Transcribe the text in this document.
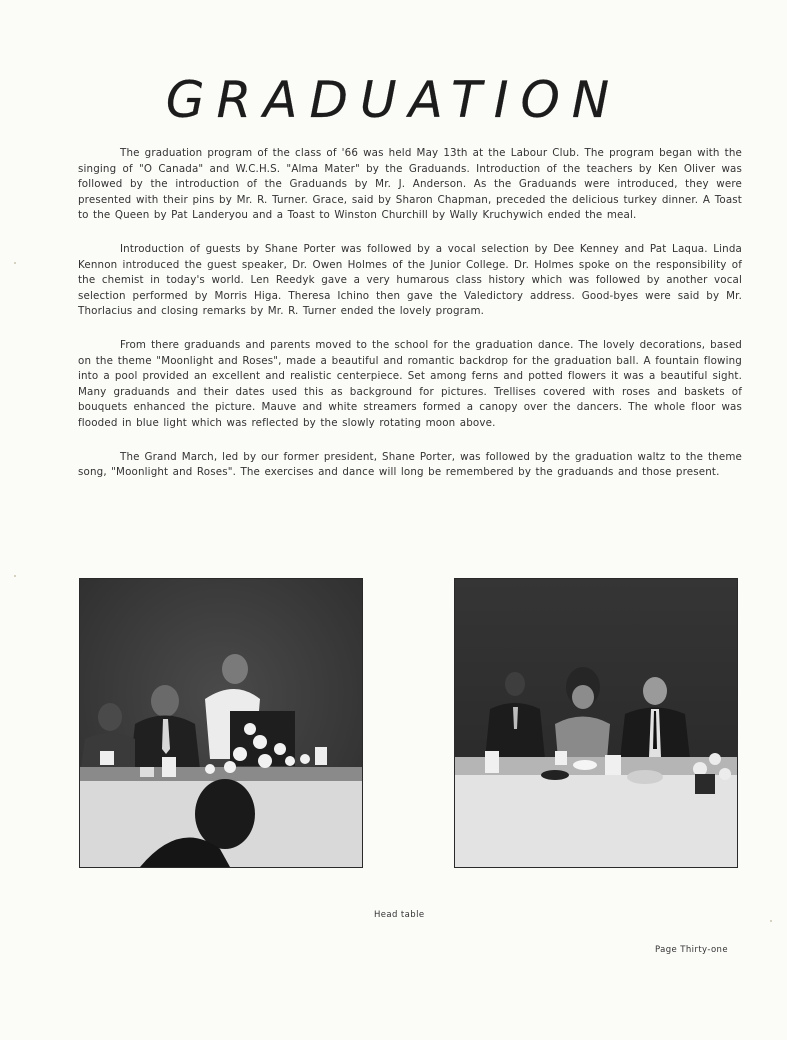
GRADUATION

The graduation program of the class of '66 was held May 13th at the Labour Club. The program began with the singing of "O Canada" and W.C.H.S. "Alma Mater" by the Graduands. Introduction of the teachers by Ken Oliver was followed by the introduction of the Graduands by Mr. J. Anderson. As the Graduands were introduced, they were presented with their pins by Mr. R. Turner. Grace, said by Sharon Chapman, preceded the delicious turkey dinner. A Toast to the Queen by Pat Landeryou and a Toast to Winston Churchill by Wally Kruchywich ended the meal.

Introduction of guests by Shane Porter was followed by a vocal selection by Dee Kenney and Pat Laqua. Linda Kennon introduced the guest speaker, Dr. Owen Holmes of the Junior College. Dr. Holmes spoke on the responsibility of the chemist in today's world. Len Reedyk gave a very humarous class history which was followed by another vocal selection performed by Morris Higa. Theresa Ichino then gave the Valedictory address. Good-byes were said by Mr. Thorlacius and closing remarks by Mr. R. Turner ended the lovely program.

From there graduands and parents moved to the school for the graduation dance. The lovely decorations, based on the theme "Moonlight and Roses", made a beautiful and romantic backdrop for the graduation ball. A fountain flowing into a pool provided an excellent and realistic centerpiece. Set among ferns and potted flowers it was a beautiful sight. Many graduands and their dates used this as background for pictures. Trellises covered with roses and baskets of bouquets enhanced the picture. Mauve and white streamers formed a canopy over the dancers. The whole floor was flooded in blue light which was reflected by the slowly rotating moon above.

The Grand March, led by our former president, Shane Porter, was followed by the graduation waltz to the theme song, "Moonlight and Roses". The exercises and dance will long be remembered by the graduands and those present.

Head table
Page Thirty-one
